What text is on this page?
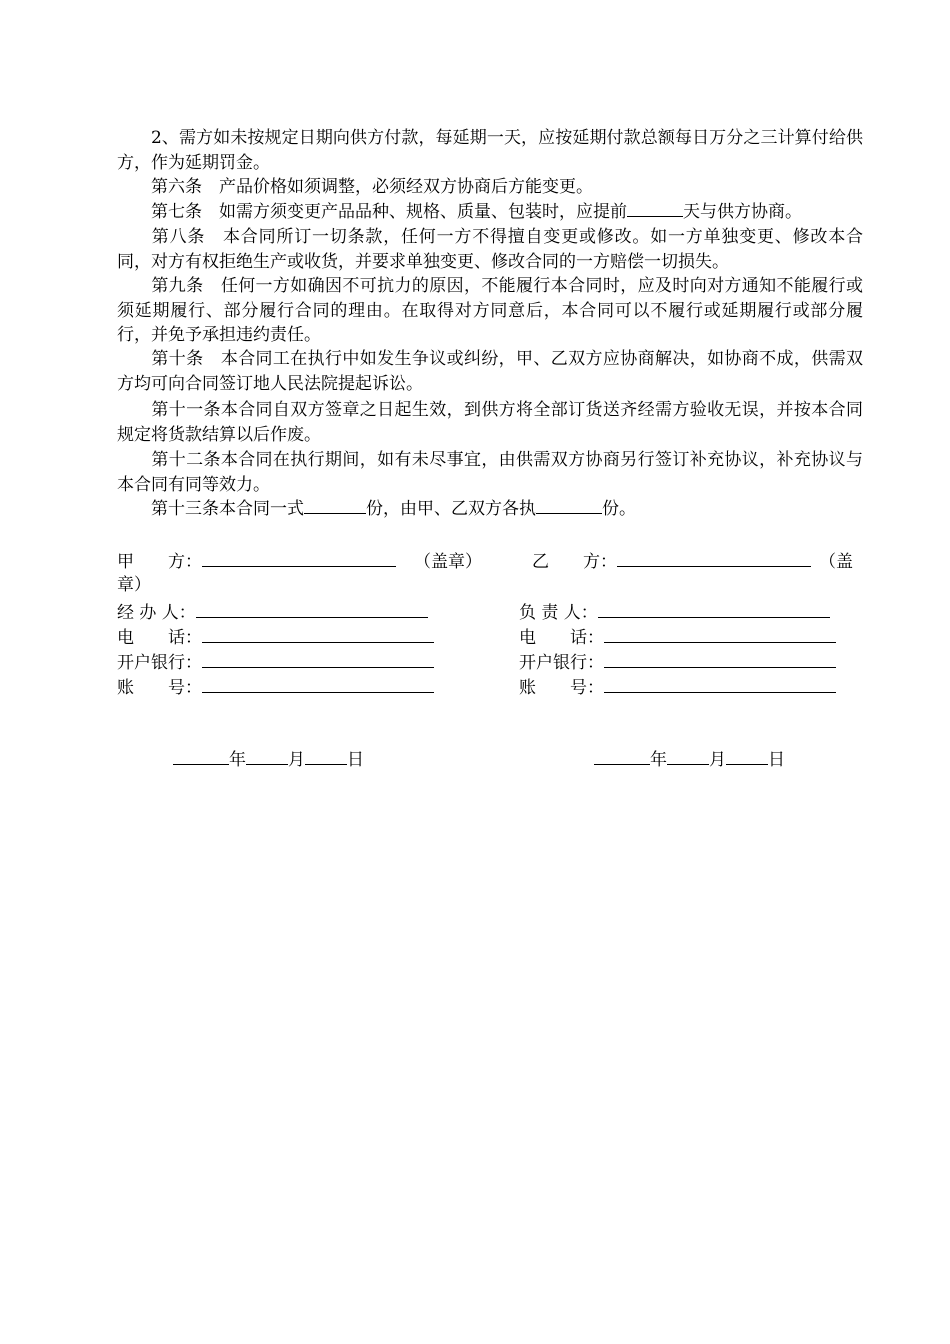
2、需方如未按规定日期向供方付款，每延期一天，应按延期付款总额每日万分之三计算付给供方，作为延期罚金。

第六条　产品价格如须调整，必须经双方协商后方能变更。

第七条　如需方须变更产品品种、规格、质量、包装时，应提前	天与供方协商。

第八条　本合同所订一切条款，任何一方不得擅自变更或修改。如一方单独变更、修改本合同，对方有权拒绝生产或收货，并要求单独变更、修改合同的一方赔偿一切损失。

第九条　任何一方如确因不可抗力的原因，不能履行本合同时，应及时向对方通知不能履行或须延期履行、部分履行合同的理由。在取得对方同意后，本合同可以不履行或延期履行或部分履行，并免予承担违约责任。

第十条　本合同工在执行中如发生争议或纠纷，甲、乙双方应协商解决，如协商不成，供需双方均可向合同签订地人民法院提起诉讼。

第十一条本合同自双方签章之日起生效，到供方将全部订货送齐经需方验收无误，并按本合同规定将货款结算以后作废。

第十二条本合同在执行期间，如有未尽事宜，由供需双方协商另行签订补充协议，补充协议与本合同有同等效力。

第十三条本合同一式	份，由甲、乙双方各执	份。

甲　　方：	（盖章）	乙　　方：	（盖
章）
经 办 人：	负 责 人：
电　　话：	电　　话：
开户银行：	开户银行：
账　　号：	账　　号：
年 月 日	年 月 日
